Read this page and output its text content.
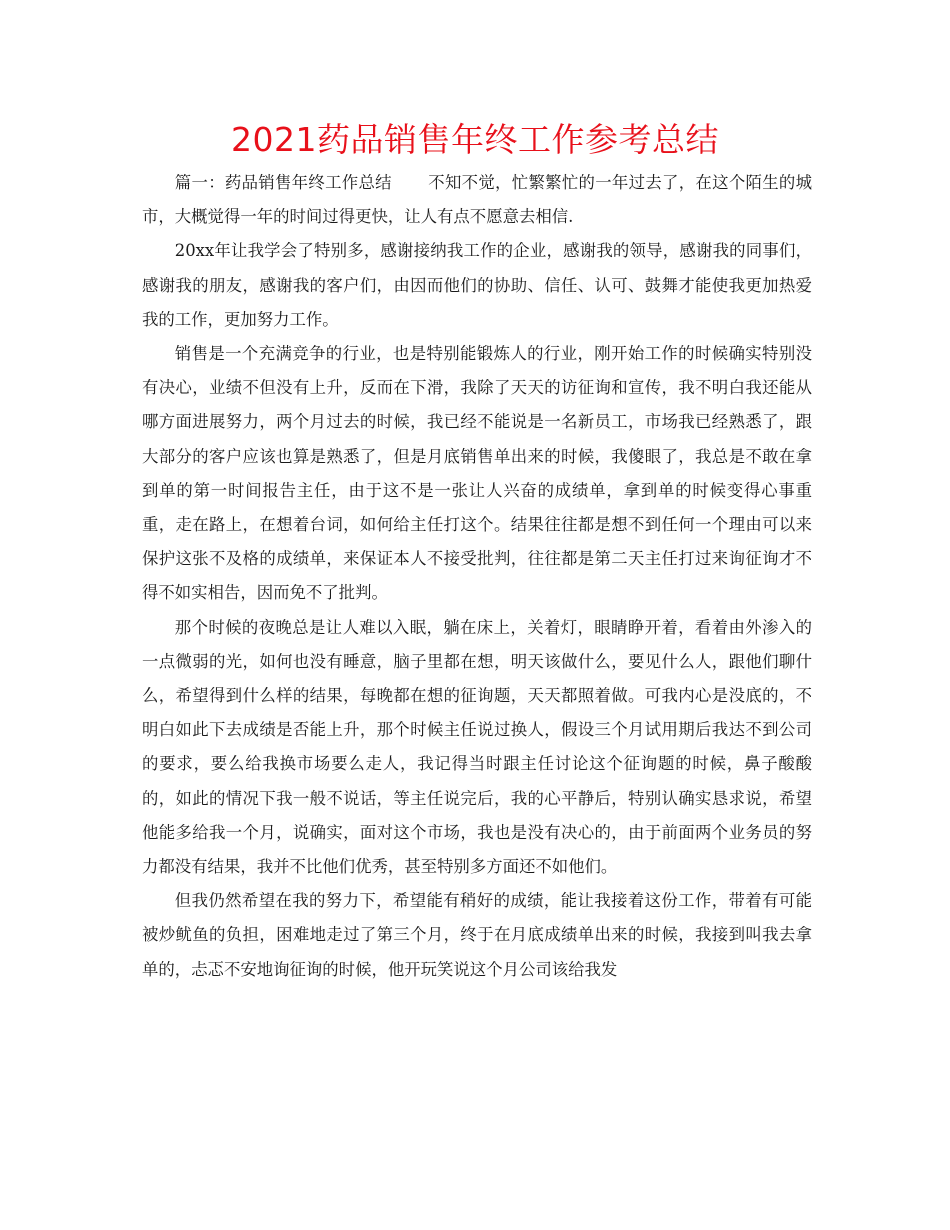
2021药品销售年终工作参考总结

篇一：药品销售年终工作总结 不知不觉，忙繁繁忙的一年过去了，在这个陌生的城市，大概觉得一年的时间过得更快，让人有点不愿意去相信.

20xx年让我学会了特别多，感谢接纳我工作的企业，感谢我的领导，感谢我的同事们，感谢我的朋友，感谢我的客户们，由因而他们的协助、信任、认可、鼓舞才能使我更加热爱我的工作，更加努力工作。

销售是一个充满竞争的行业，也是特别能锻炼人的行业，刚开始工作的时候确实特别没有决心，业绩不但没有上升，反而在下滑，我除了天天的访征询和宣传，我不明白我还能从哪方面进展努力，两个月过去的时候，我已经不能说是一名新员工，市场我已经熟悉了，跟大部分的客户应该也算是熟悉了，但是月底销售单出来的时候，我傻眼了，我总是不敢在拿到单的第一时间报告主任，由于这不是一张让人兴奋的成绩单，拿到单的时候变得心事重重，走在路上，在想着台词，如何给主任打这个。结果往往都是想不到任何一个理由可以来保护这张不及格的成绩单，来保证本人不接受批判，往往都是第二天主任打过来询征询才不得不如实相告，因而免不了批判。

那个时候的夜晚总是让人难以入眠，躺在床上，关着灯，眼睛睁开着，看着由外渗入的一点微弱的光，如何也没有睡意，脑子里都在想，明天该做什么，要见什么人，跟他们聊什么，希望得到什么样的结果，每晚都在想的征询题，天天都照着做。可我内心是没底的，不明白如此下去成绩是否能上升，那个时候主任说过换人，假设三个月试用期后我达不到公司的要求，要么给我换市场要么走人，我记得当时跟主任讨论这个征询题的时候，鼻子酸酸的，如此的情况下我一般不说话，等主任说完后，我的心平静后，特别认确实恳求说，希望他能多给我一个月，说确实，面对这个市场，我也是没有决心的，由于前面两个业务员的努力都没有结果，我并不比他们优秀，甚至特别多方面还不如他们。

但我仍然希望在我的努力下，希望能有稍好的成绩，能让我接着这份工作，带着有可能被炒鱿鱼的负担，困难地走过了第三个月，终于在月底成绩单出来的时候，我接到叫我去拿单的，忐忑不安地询征询的时候，他开玩笑说这个月公司该给我发
